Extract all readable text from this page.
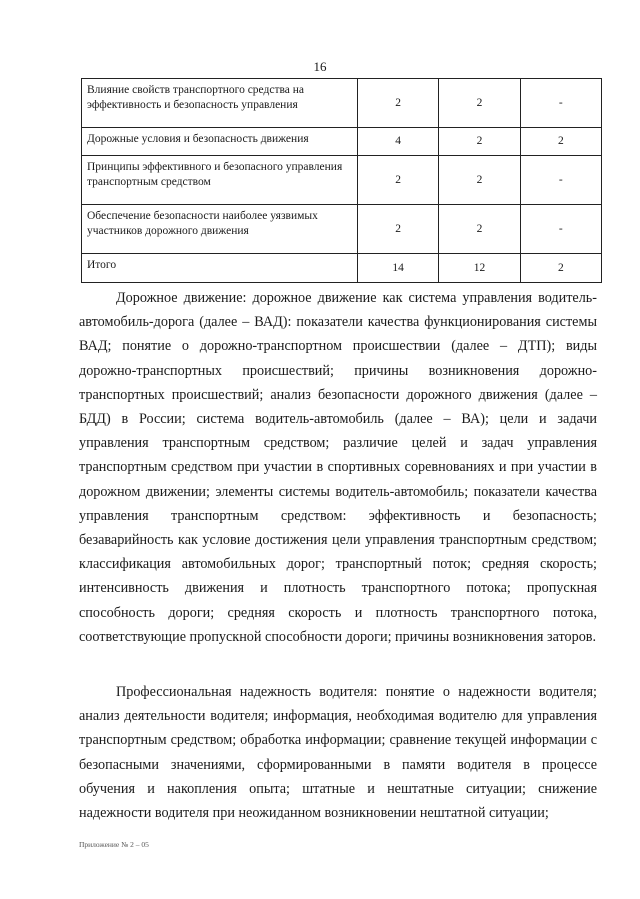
16
Влияние свойств транспортного средства на эффективность и безопасность управления	2	2	-
Дорожные условия и безопасность движения	4	2	2
Принципы эффективного и безопасного управления транспортным средством	2	2	-
Обеспечение безопасности наиболее уязвимых участников дорожного движения	2	2	-
Итого	14	12	2

Дорожное движение: дорожное движение как система управления водитель-автомобиль-дорога (далее – ВАД): показатели качества функционирования системы ВАД; понятие о дорожно-транспортном происшествии (далее – ДТП); виды дорожно-транспортных происшествий; причины возникновения дорожно-транспортных происшествий; анализ безопасности дорожного движения (далее – БДД) в России; система водитель-автомобиль (далее – ВА); цели и задачи управления транспортным средством; различие целей и задач управления транспортным средством при участии в спортивных соревнованиях и при участии в дорожном движении; элементы системы водитель-автомобиль; показатели качества управления транспортным средством: эффективность и безопасность; безаварийность как условие достижения цели управления транспортным средством; классификация автомобильных дорог; транспортный поток; средняя скорость; интенсивность движения и плотность транспортного потока; пропускная способность дороги; средняя скорость и плотность транспортного потока, соответствующие пропускной способности дороги; причины возникновения заторов.

Профессиональная надежность водителя: понятие о надежности водителя; анализ деятельности водителя; информация, необходимая водителю для управления транспортным средством; обработка информации; сравнение текущей информации с безопасными значениями, сформированными в памяти водителя в процессе обучения и накопления опыта; штатные и нештатные ситуации; снижение надежности водителя при неожиданном возникновении нештатной ситуации;

Приложение № 2 – 05
